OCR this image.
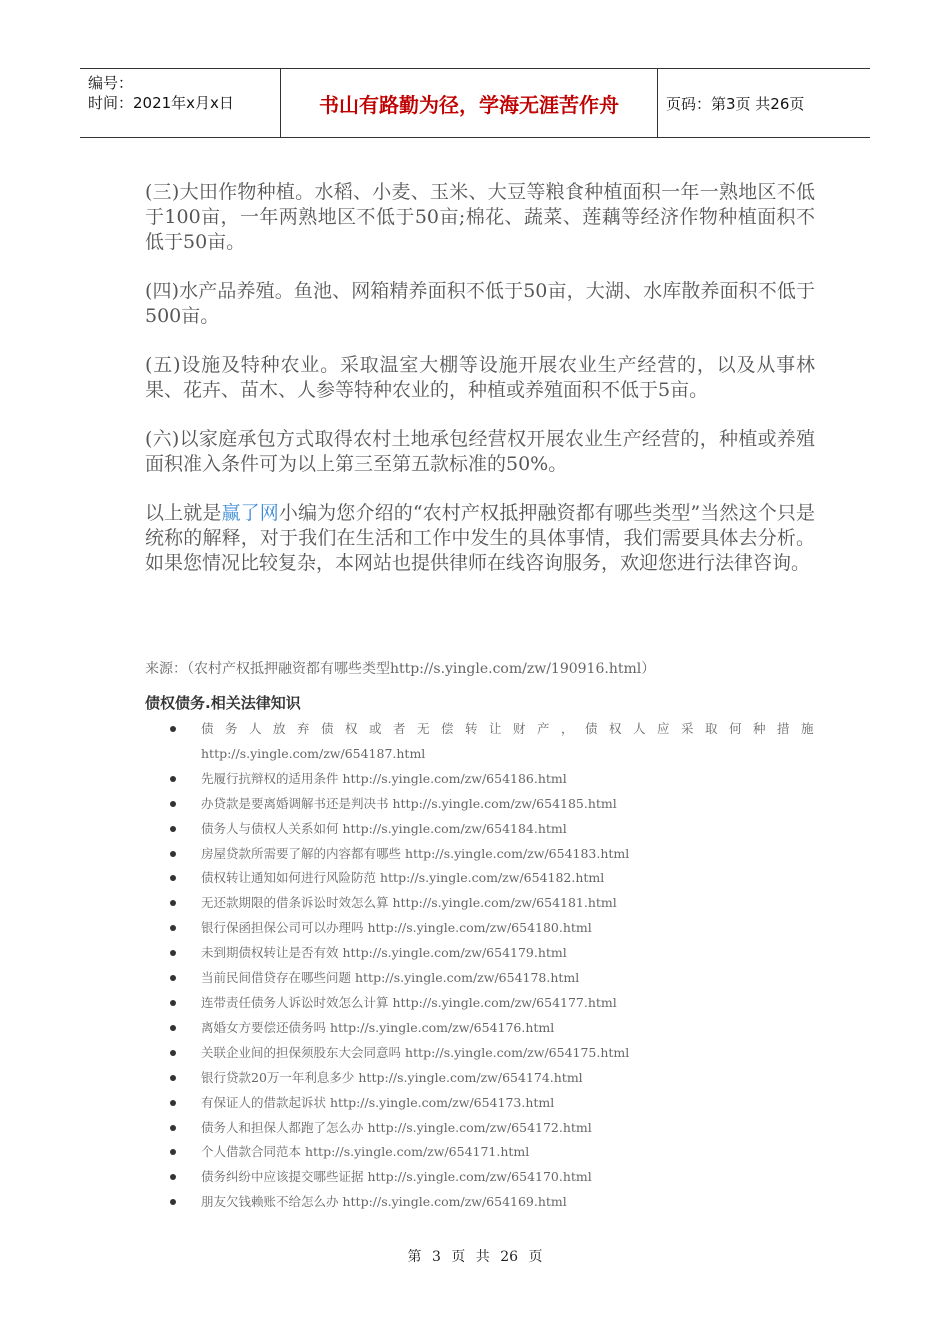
编号：
时间：2021年x月x日	书山有路勤为径，学海无涯苦作舟	页码：第3页 共26页

(三)大田作物种植。水稻、小麦、玉米、大豆等粮食种植面积一年一熟地区不低于100亩，一年两熟地区不低于50亩;棉花、蔬菜、莲藕等经济作物种植面积不低于50亩。

(四)水产品养殖。鱼池、网箱精养面积不低于50亩，大湖、水库散养面积不低于500亩。

(五)设施及特种农业。采取温室大棚等设施开展农业生产经营的，以及从事林果、花卉、苗木、人参等特种农业的，种植或养殖面积不低于5亩。

(六)以家庭承包方式取得农村土地承包经营权开展农业生产经营的，种植或养殖面积准入条件可为以上第三至第五款标准的50%。

以上就是赢了网小编为您介绍的“农村产权抵押融资都有哪些类型”当然这个只是统称的解释，对于我们在生活和工作中发生的具体事情，我们需要具体去分析。如果您情况比较复杂，本网站也提供律师在线咨询服务，欢迎您进行法律咨询。

来源：（农村产权抵押融资都有哪些类型http://s.yingle.com/zw/190916.html）

债权债务.相关法律知识
债务人放弃债权或者无偿转让财产，债权人应采取何种措施
http://s.yingle.com/zw/654187.html
先履行抗辩权的适用条件 http://s.yingle.com/zw/654186.html
办贷款是要离婚调解书还是判决书 http://s.yingle.com/zw/654185.html
债务人与债权人关系如何 http://s.yingle.com/zw/654184.html
房屋贷款所需要了解的内容都有哪些 http://s.yingle.com/zw/654183.html
债权转让通知如何进行风险防范 http://s.yingle.com/zw/654182.html
无还款期限的借条诉讼时效怎么算 http://s.yingle.com/zw/654181.html
银行保函担保公司可以办理吗 http://s.yingle.com/zw/654180.html
未到期债权转让是否有效 http://s.yingle.com/zw/654179.html
当前民间借贷存在哪些问题 http://s.yingle.com/zw/654178.html
连带责任债务人诉讼时效怎么计算 http://s.yingle.com/zw/654177.html
离婚女方要偿还债务吗 http://s.yingle.com/zw/654176.html
关联企业间的担保须股东大会同意吗 http://s.yingle.com/zw/654175.html
银行贷款20万一年利息多少 http://s.yingle.com/zw/654174.html
有保证人的借款起诉状 http://s.yingle.com/zw/654173.html
债务人和担保人都跑了怎么办 http://s.yingle.com/zw/654172.html
个人借款合同范本 http://s.yingle.com/zw/654171.html
债务纠纷中应该提交哪些证据 http://s.yingle.com/zw/654170.html
朋友欠钱赖账不给怎么办 http://s.yingle.com/zw/654169.html
第 3 页 共 26 页
